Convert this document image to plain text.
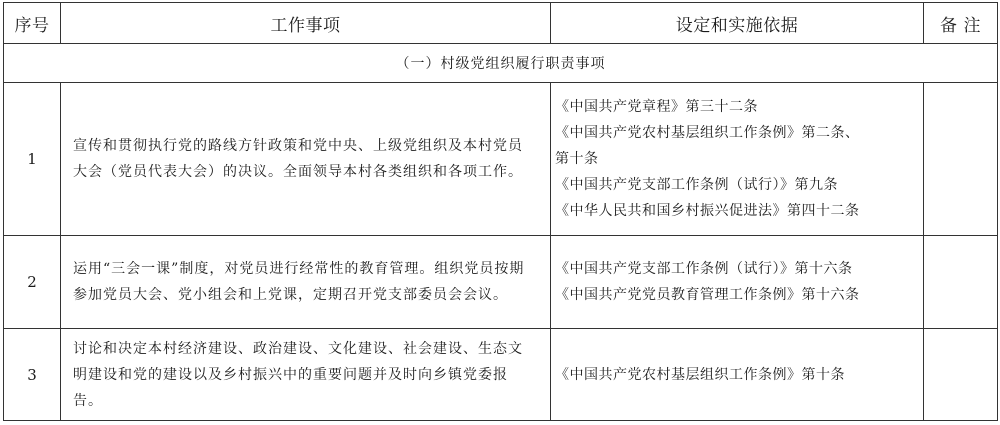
序号	工作事项	设定和实施依据	备 注
（一）村级党组织履行职责事项			
1	宣传和贯彻执行党的路线方针政策和党中央、上级党组织及本村党员大会（党员代表大会）的决议。全面领导本村各类组织和各项工作。	《中国共产党章程》第三十二条
《中国共产党农村基层组织工作条例》第二条、
第十条
《中国共产党支部工作条例（试行）》第九条
《中华人民共和国乡村振兴促进法》第四十二条	

2	运用“三会一课”制度，对党员进行经常性的教育管理。组织党员按期参加党员大会、党小组会和上党课，定期召开党支部委员会会议。	《中国共产党支部工作条例（试行）》第十六条
《中国共产党党员教育管理工作条例》第十六条	

3	讨论和决定本村经济建设、政治建设、文化建设、社会建设、生态文明建设和党的建设以及乡村振兴中的重要问题并及时向乡镇党委报告。	《中国共产党农村基层组织工作条例》第十条	
